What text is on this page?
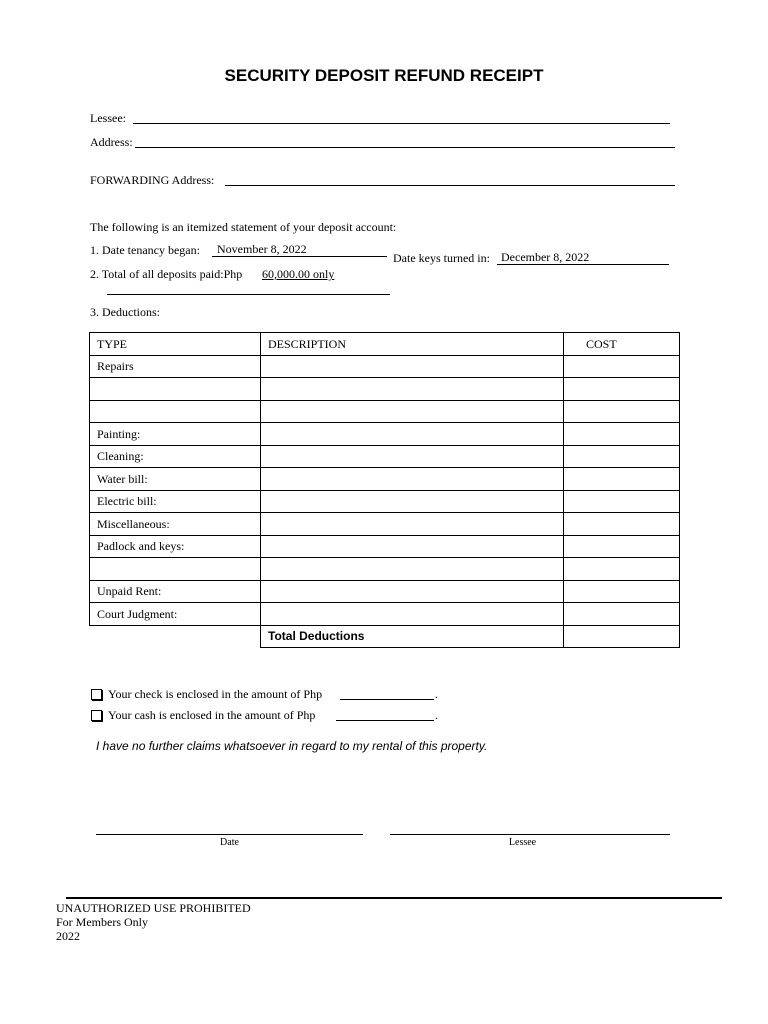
SECURITY DEPOSIT REFUND RECEIPT
Lessee:
Address:
FORWARDING Address:
The following is an itemized statement of your deposit account:
1. Date tenancy began: November 8, 2022
Date keys turned in: December 8, 2022
2. Total of all deposits paid:Php 60,000.00 only
3. Deductions:
TYPE	DESCRIPTION	COST
Repairs		

Painting:		
Cleaning:		
Water bill:		
Electric bill:		
Miscellaneous:		
Padlock and keys:		

Unpaid Rent:		
Court Judgment:		
	Total Deductions	
Your check is enclosed in the amount of Php	.
Your cash is enclosed in the amount of Php	.
I have no further claims whatsoever in regard to my rental of this property.
Date	Lessee
UNAUTHORIZED USE PROHIBITED
For Members Only
2022
